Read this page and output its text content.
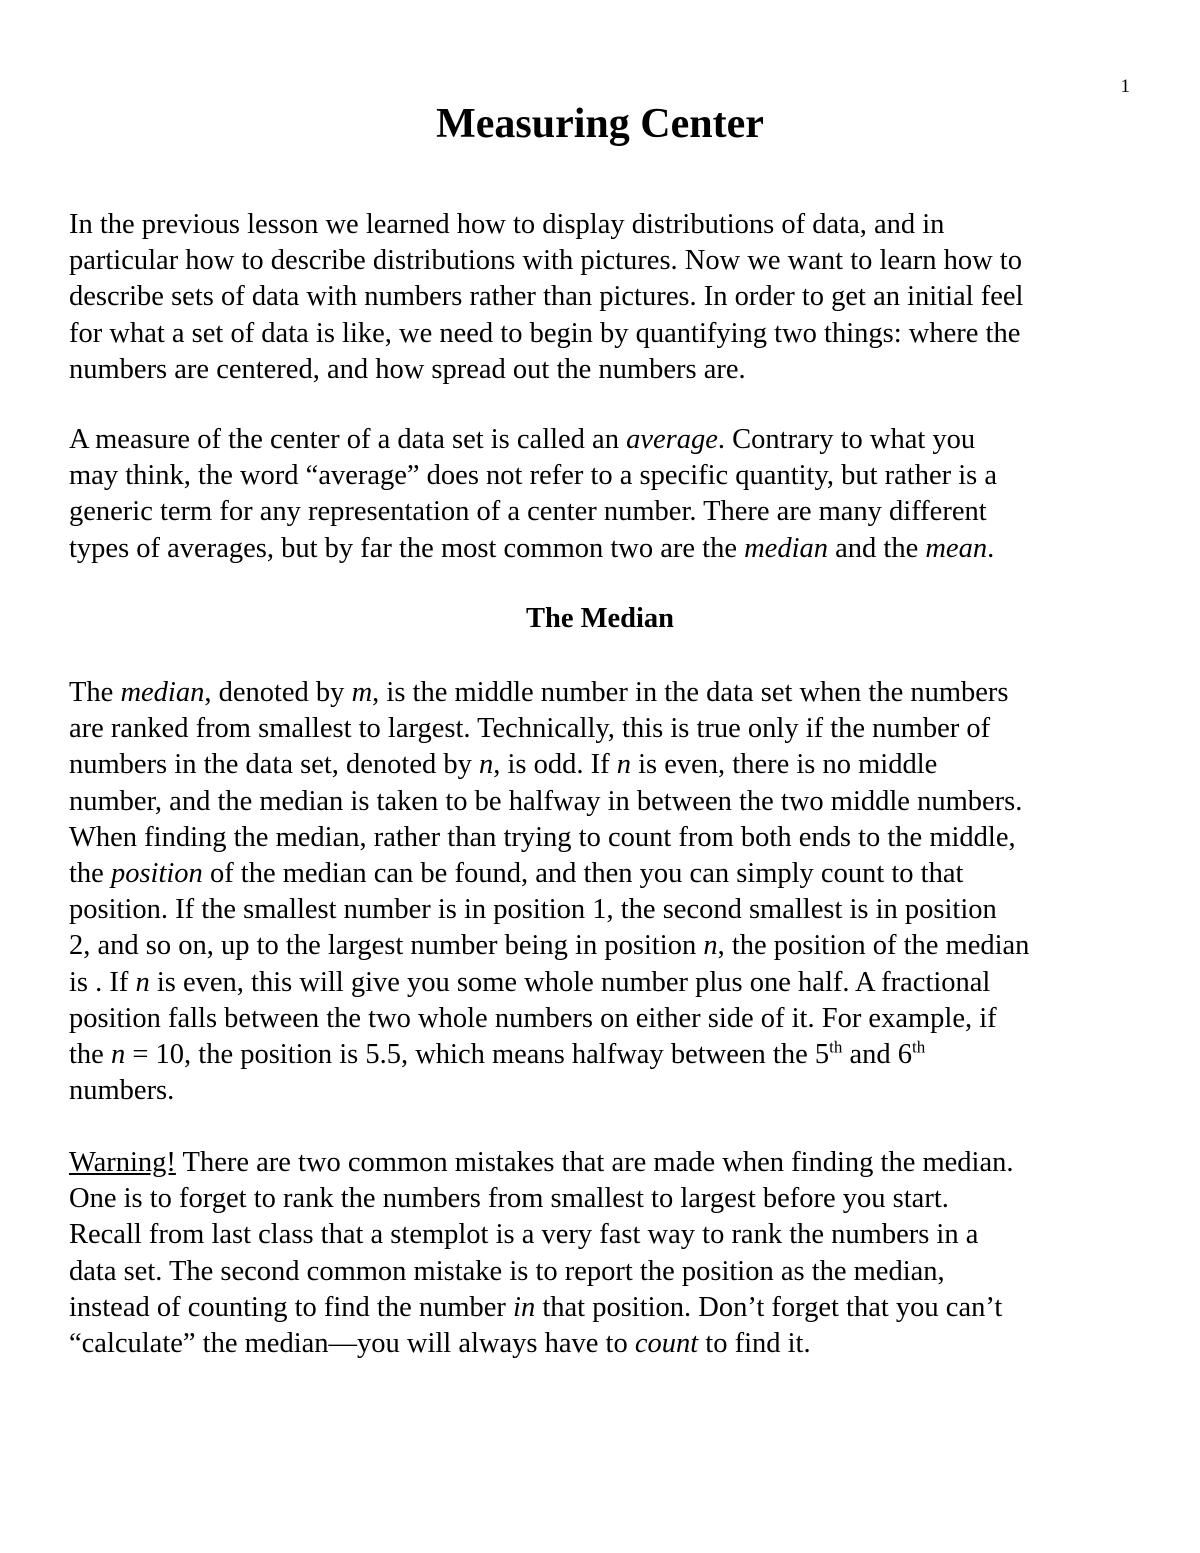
1
Measuring Center

In the previous lesson we learned how to display distributions of data, and in
particular how to describe distributions with pictures. Now we want to learn how to
describe sets of data with numbers rather than pictures. In order to get an initial feel
for what a set of data is like, we need to begin by quantifying two things: where the
numbers are centered, and how spread out the numbers are.

A measure of the center of a data set is called an average. Contrary to what you
may think, the word “average” does not refer to a specific quantity, but rather is a
generic term for any representation of a center number. There are many different
types of averages, but by far the most common two are the median and the mean.

The Median

The median, denoted by m, is the middle number in the data set when the numbers
are ranked from smallest to largest. Technically, this is true only if the number of
numbers in the data set, denoted by n, is odd. If n is even, there is no middle
number, and the median is taken to be halfway in between the two middle numbers.
When finding the median, rather than trying to count from both ends to the middle,
the position of the median can be found, and then you can simply count to that
position. If the smallest number is in position 1, the second smallest is in position
2, and so on, up to the largest number being in position n, the position of the median
is . If n is even, this will give you some whole number plus one half. A fractional
position falls between the two whole numbers on either side of it. For example, if
the n = 10, the position is 5.5, which means halfway between the 5th and 6th
numbers.

Warning! There are two common mistakes that are made when finding the median.
One is to forget to rank the numbers from smallest to largest before you start.
Recall from last class that a stemplot is a very fast way to rank the numbers in a
data set. The second common mistake is to report the position as the median,
instead of counting to find the number in that position. Don’t forget that you can’t
“calculate” the median—you will always have to count to find it.
